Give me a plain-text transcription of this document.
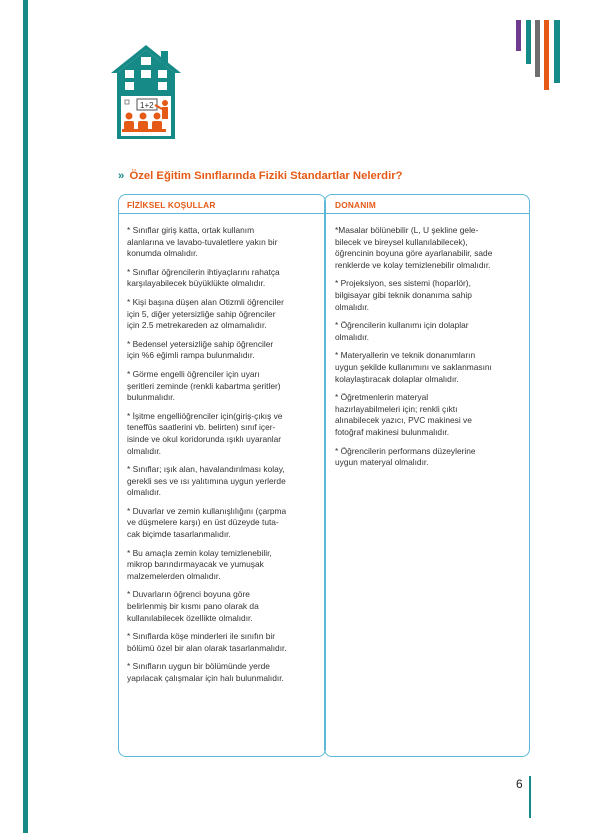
1+2
» Özel Eğitim Sınıflarında Fiziki Standartlar Nelerdir?
FİZİKSEL KOŞULLAR

* Sınıflar giriş katta, ortak kullanım
alanlarına ve lavabo-tuvaletlere yakın bir
konumda olmalıdır.

* Sınıflar öğrencilerin ihtiyaçlarını rahatça
karşılayabilecek büyüklükte olmalıdır.

* Kişi başına düşen alan Otizmli öğrenciler
için 5, diğer yetersizliğe sahip öğrenciler
için 2.5 metrekareden az olmamalıdır.

* Bedensel yetersizliğe sahip öğrenciler
için %6 eğimli rampa bulunmalıdır.

* Görme engelli öğrenciler için uyarı
şeritleri zeminde (renkli kabartma şeritler)
bulunmalıdır.

* İşitme engelliöğrenciler için(giriş-çıkış ve
teneffüs saatlerini vb. belirten) sınıf içer-
isinde ve okul koridorunda ışıklı uyaranlar
olmalıdır.

* Sınıflar; ışık alan, havalandırılması kolay,
gerekli ses ve ısı yalıtımına uygun yerlerde
olmalıdır.

* Duvarlar ve zemin kullanışlılığını (çarpma
ve düşmelere karşı) en üst düzeyde tuta-
cak biçimde tasarlanmalıdır.

* Bu amaçla zemin kolay temizlenebilir,
mikrop barındırmayacak ve yumuşak
malzemelerden olmalıdır.

* Duvarların öğrenci boyuna göre
belirlenmiş bir kısmı pano olarak da
kullanılabilecek özellikte olmalıdır.

* Sınıflarda köşe minderleri ile sınıfın bir
bölümü özel bir alan olarak tasarlanmalıdır.

* Sınıfların uygun bir bölümünde yerde
yapılacak çalışmalar için halı bulunmalıdır.

DONANIM

*Masalar bölünebilir (L, U şekline gele-
bilecek ve bireysel kullanılabilecek),
öğrencinin boyuna göre ayarlanabilir, sade
renklerde ve kolay temizlenebilir olmalıdır.

* Projeksiyon, ses sistemi (hoparlör),
bilgisayar gibi teknik donanıma sahip
olmalıdır.

* Öğrencilerin kullanımı için dolaplar
olmalıdır.

* Materyallerin ve teknik donanımların
uygun şekilde kullanımını ve saklanmasını
kolaylaştıracak dolaplar olmalıdır.

* Öğretmenlerin materyal
hazırlayabilmeleri için; renkli çıktı
alınabilecek yazıcı, PVC makinesi ve
fotoğraf makinesi bulunmalıdır.

* Öğrencilerin performans düzeylerine
uygun materyal olmalıdır.

6
